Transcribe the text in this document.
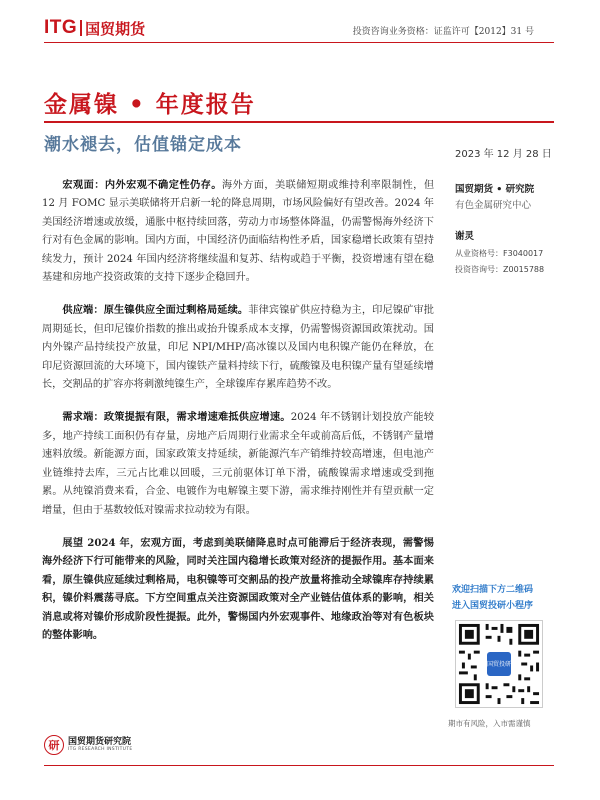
ITG 国贸期货	投资咨询业务资格：证监许可【2012】31 号
金属镍 • 年度报告
潮水褪去，估值锚定成本	2023 年 12 月 28 日
国贸期货 • 研究院
有色金属研究中心
谢灵
从业资格号：F3040017
投资咨询号：Z0015788

宏观面：内外宏观不确定性仍存。海外方面，美联储短期或维持利率限制性，但 12 月 FOMC 显示美联储将开启新一轮的降息周期，市场风险偏好有望改善。2024 年美国经济增速或放缓，通胀中枢持续回落，劳动力市场整体降温，仍需警惕海外经济下行对有色金属的影响。国内方面，中国经济仍面临结构性矛盾，国家稳增长政策有望持续发力，预计 2024 年国内经济将继续温和复苏、结构或趋于平衡，投资增速有望在稳基建和房地产投资政策的支持下逐步企稳回升。

供应端：原生镍供应全面过剩格局延续。菲律宾镍矿供应持稳为主，印尼镍矿审批周期延长，但印尼镍价指数的推出或抬升镍系成本支撑，仍需警惕资源国政策扰动。国内外镍产品持续投产放量，印尼 NPI/MHP/高冰镍以及国内电积镍产能仍在释放，在印尼资源回流的大环境下，国内镍铁产量料持续下行，硫酸镍及电积镍产量有望延续增长，交割品的扩容亦将刺激纯镍生产，全球镍库存累库趋势不改。

需求端：政策提振有限，需求增速难抵供应增速。2024 年不锈钢计划投放产能较多，地产持续工面积仍有存量，房地产后周期行业需求全年或前高后低，不锈钢产量增速料放缓。新能源方面，国家政策支持延续，新能源汽车产销维持较高增速，但电池产业链维持去库，三元占比难以回暖，三元前驱体订单下滑，硫酸镍需求增速或受到拖累。从纯镍消费来看，合金、电镀作为电解镍主要下游，需求维持刚性并有望贡献一定增量，但由于基数较低对镍需求拉动较为有限。

展望 2024 年，宏观方面，考虑到美联储降息时点可能滞后于经济表现，需警惕海外经济下行可能带来的风险，同时关注国内稳增长政策对经济的提振作用。基本面来看，原生镍供应延续过剩格局，电积镍等可交割品的投产放量将推动全球镍库存持续累积，镍价料震荡寻底。下方空间重点关注资源国政策对全产业链估值体系的影响，相关消息或将对镍价形成阶段性提振。此外，警惕国内外宏观事件、地缘政治等对有色板块的整体影响。

欢迎扫描下方二维码
进入国贸投研小程序
国贸投研
期市有风险，入市需谨慎
研 国贸期货研究院
ITG RESEARCH INSTITUTE
